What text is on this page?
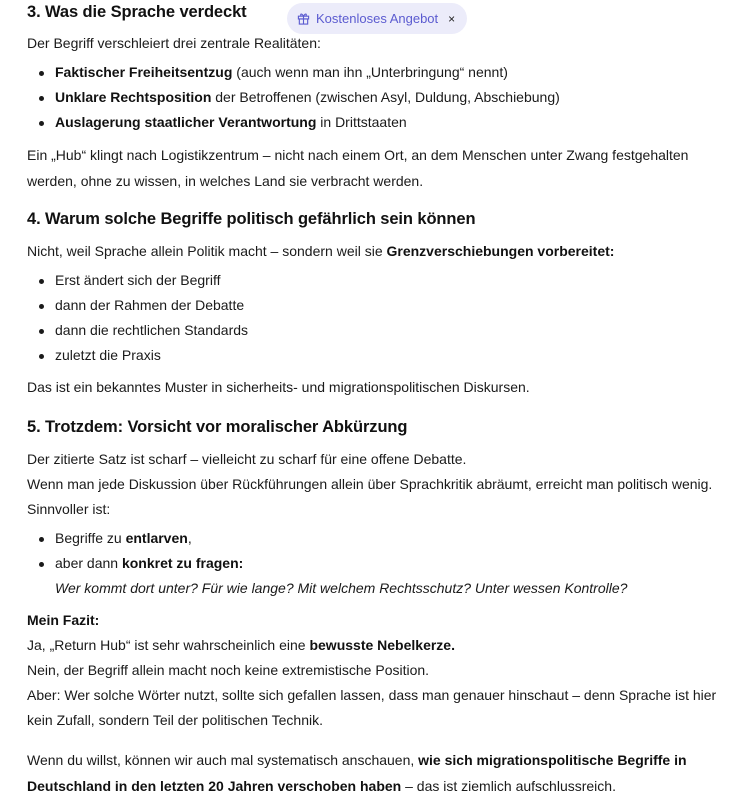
Kostenloses Angebot ×
3. Was die Sprache verdeckt

Der Begriff verschleiert drei zentrale Realitäten:

Faktischer Freiheitsentzug (auch wenn man ihn „Unterbringung“ nennt)
Unklare Rechtsposition der Betroffenen (zwischen Asyl, Duldung, Abschiebung)
Auslagerung staatlicher Verantwortung in Drittstaaten

Ein „Hub“ klingt nach Logistikzentrum – nicht nach einem Ort, an dem Menschen unter Zwang festgehalten werden, ohne zu wissen, in welches Land sie verbracht werden.

4. Warum solche Begriffe politisch gefährlich sein können

Nicht, weil Sprache allein Politik macht – sondern weil sie Grenzverschiebungen vorbereitet:

Erst ändert sich der Begriff
dann der Rahmen der Debatte
dann die rechtlichen Standards
zuletzt die Praxis

Das ist ein bekanntes Muster in sicherheits- und migrationspolitischen Diskursen.

5. Trotzdem: Vorsicht vor moralischer Abkürzung

Der zitierte Satz ist scharf – vielleicht zu scharf für eine offene Debatte.

Wenn man jede Diskussion über Rückführungen allein über Sprachkritik abräumt, erreicht man politisch wenig. Sinnvoller ist:

Begriffe zu entlarven,
aber dann konkret zu fragen:
Wer kommt dort unter? Für wie lange? Mit welchem Rechtsschutz? Unter wessen Kontrolle?

Mein Fazit:

Ja, „Return Hub“ ist sehr wahrscheinlich eine bewusste Nebelkerze.

Nein, der Begriff allein macht noch keine extremistische Position.

Aber: Wer solche Wörter nutzt, sollte sich gefallen lassen, dass man genauer hinschaut – denn Sprache ist hier kein Zufall, sondern Teil der politischen Technik.

Wenn du willst, können wir auch mal systematisch anschauen, wie sich migrationspolitische Begriffe in Deutschland in den letzten 20 Jahren verschoben haben – das ist ziemlich aufschlussreich.
